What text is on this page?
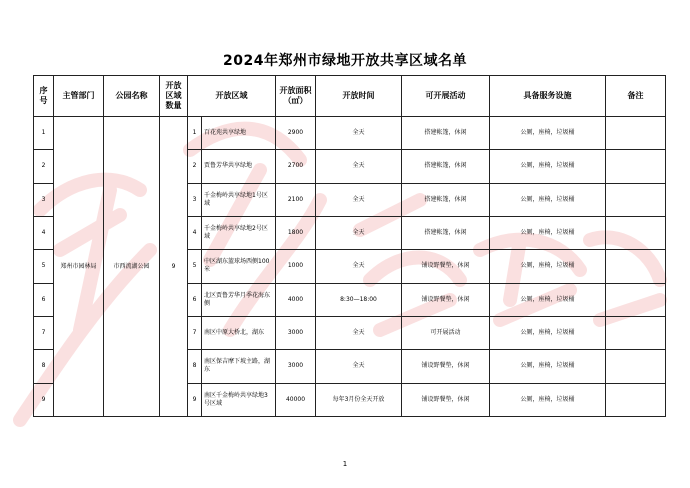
2024年郑州市绿地开放共享区域名单
序号	主管部门	公园名称	开放区域数量	开放区域		开放面积（㎡）	开放时间	可开展活动	具备服务设施	备注
1	郑州市园林局	市西流湖公园	9	1	百花苑共享绿地	2900	全天	搭建帐篷，休闲	公厕，座椅，垃圾桶	
2				2	贾鲁芳华共享绿地	2700	全天	搭建帐篷，休闲	公厕，座椅，垃圾桶	
3				3	千金梅岭共享绿地1号区域	2100	全天	搭建帐篷，休闲	公厕，座椅，垃圾桶	
4				4	千金梅岭共享绿地2号区域	1800	全天	搭建帐篷，休闲	公厕，座椅，垃圾桶	
5				5	中区湖东篮球场西侧100米	1000	全天	铺设野餐垫，休闲	公厕，座椅，垃圾桶	
6				6	北区贾鲁芳华月季花海东侧	4000	8:30—18:00	铺设野餐垫，休闲	公厕，座椅，垃圾桶	
7				7	南区中原大桥北，湖东	3000	全天	可开展活动	公厕，座椅，垃圾桶	
8				8	南区保吉摩下坡主路，湖东	3000	全天	铺设野餐垫，休闲	公厕，座椅，垃圾桶	
9				9	南区千金梅岭共享绿地3号区域	40000	每年3月份全天开放	铺设野餐垫，休闲	公厕，座椅，垃圾桶	
1
